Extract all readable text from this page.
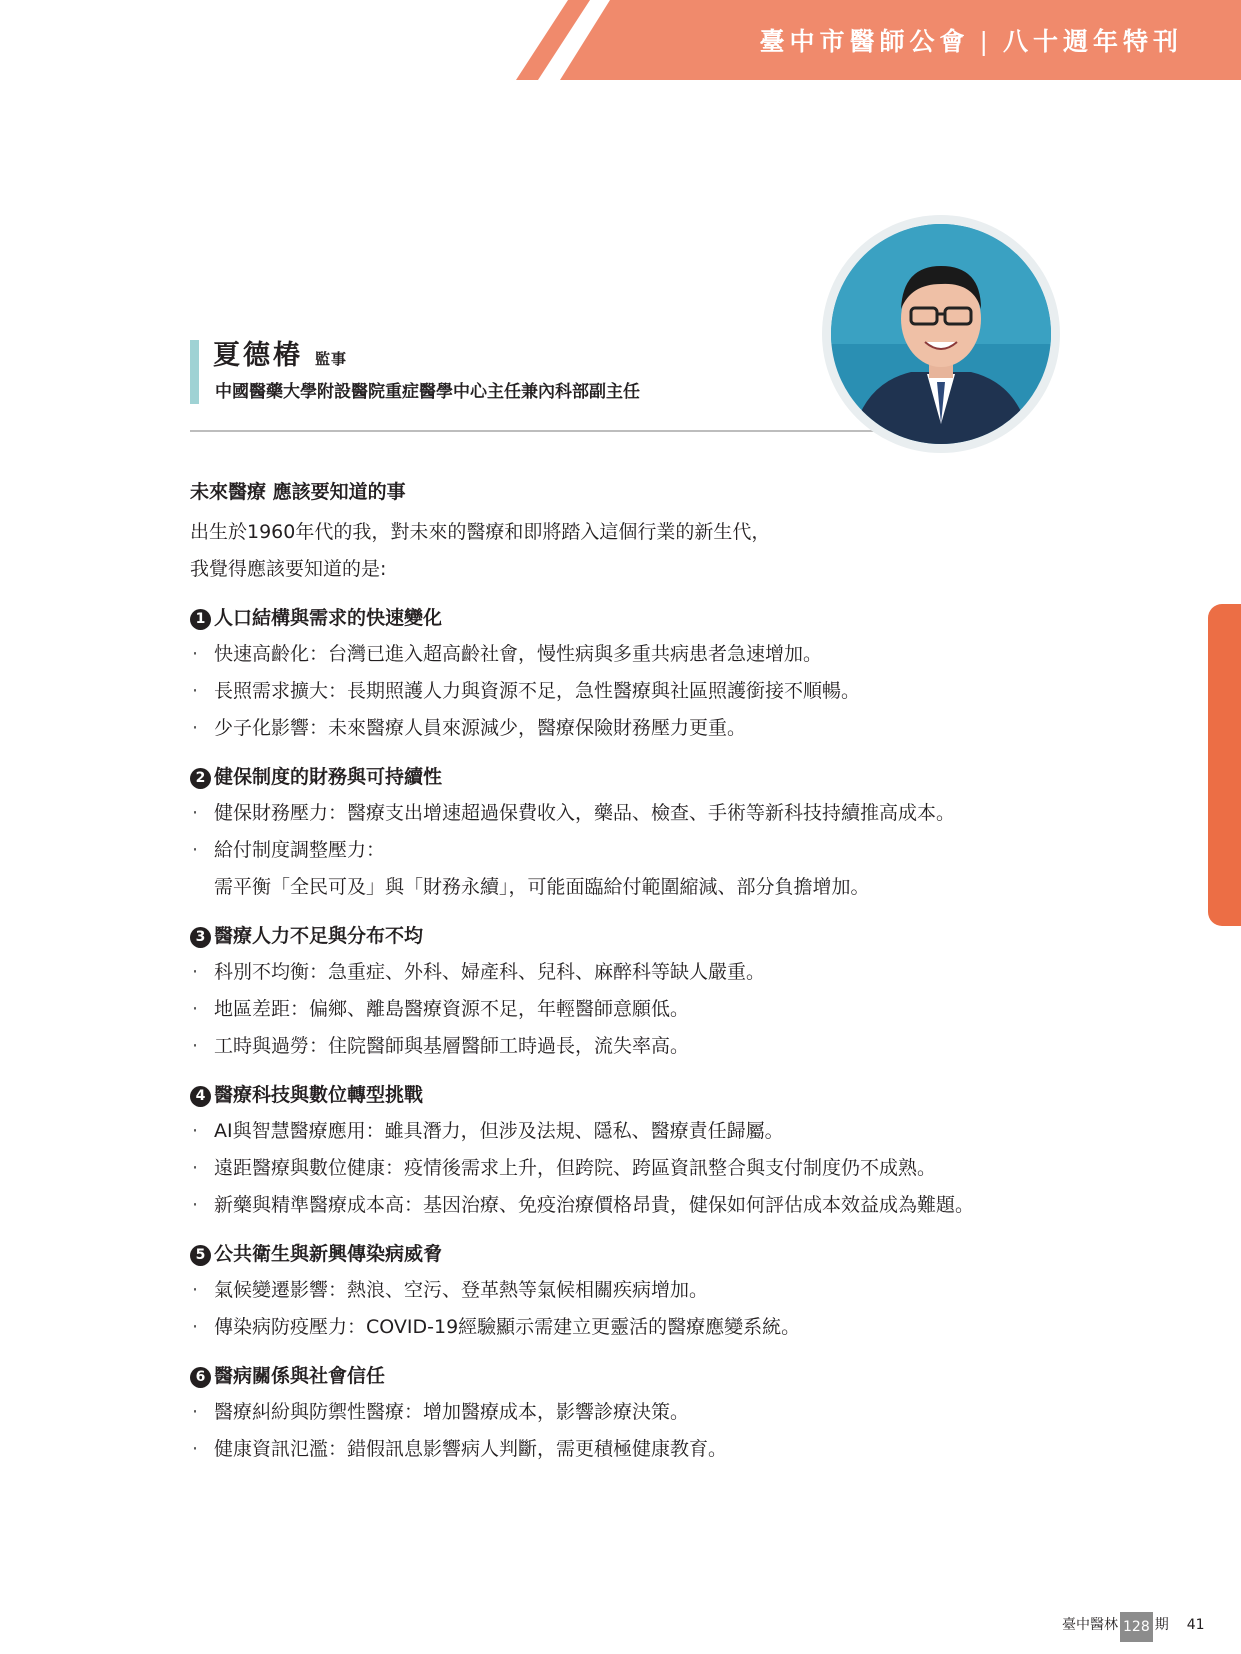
臺中市醫師公會 | 八十週年特刊
夏德椿 監事
中國醫藥大學附設醫院重症醫學中心主任兼內科部副主任
未來醫療 應該要知道的事
出生於1960年代的我，對未來的醫療和即將踏入這個行業的新生代，
我覺得應該要知道的是:
1 人口結構與需求的快速變化
· 快速高齡化：台灣已進入超高齡社會，慢性病與多重共病患者急速增加。
· 長照需求擴大：長期照護人力與資源不足，急性醫療與社區照護銜接不順暢。
· 少子化影響：未來醫療人員來源減少，醫療保險財務壓力更重。
2 健保制度的財務與可持續性
· 健保財務壓力：醫療支出增速超過保費收入，藥品、檢查、手術等新科技持續推高成本。
· 給付制度調整壓力：
需平衡「全民可及」與「財務永續」，可能面臨給付範圍縮減、部分負擔增加。
3 醫療人力不足與分布不均
· 科別不均衡：急重症、外科、婦產科、兒科、麻醉科等缺人嚴重。
· 地區差距：偏鄉、離島醫療資源不足，年輕醫師意願低。
· 工時與過勞：住院醫師與基層醫師工時過長，流失率高。
4 醫療科技與數位轉型挑戰
· AI與智慧醫療應用：雖具潛力，但涉及法規、隱私、醫療責任歸屬。
· 遠距醫療與數位健康：疫情後需求上升，但跨院、跨區資訊整合與支付制度仍不成熟。
· 新藥與精準醫療成本高：基因治療、免疫治療價格昂貴，健保如何評估成本效益成為難題。
5 公共衛生與新興傳染病威脅
· 氣候變遷影響：熱浪、空污、登革熱等氣候相關疾病增加。
· 傳染病防疫壓力：COVID-19經驗顯示需建立更靈活的醫療應變系統。
6 醫病關係與社會信任
· 醫療糾紛與防禦性醫療：增加醫療成本，影響診療決策。
· 健康資訊氾濫：錯假訊息影響病人判斷，需更積極健康教育。
臺中醫林 128 期 41
